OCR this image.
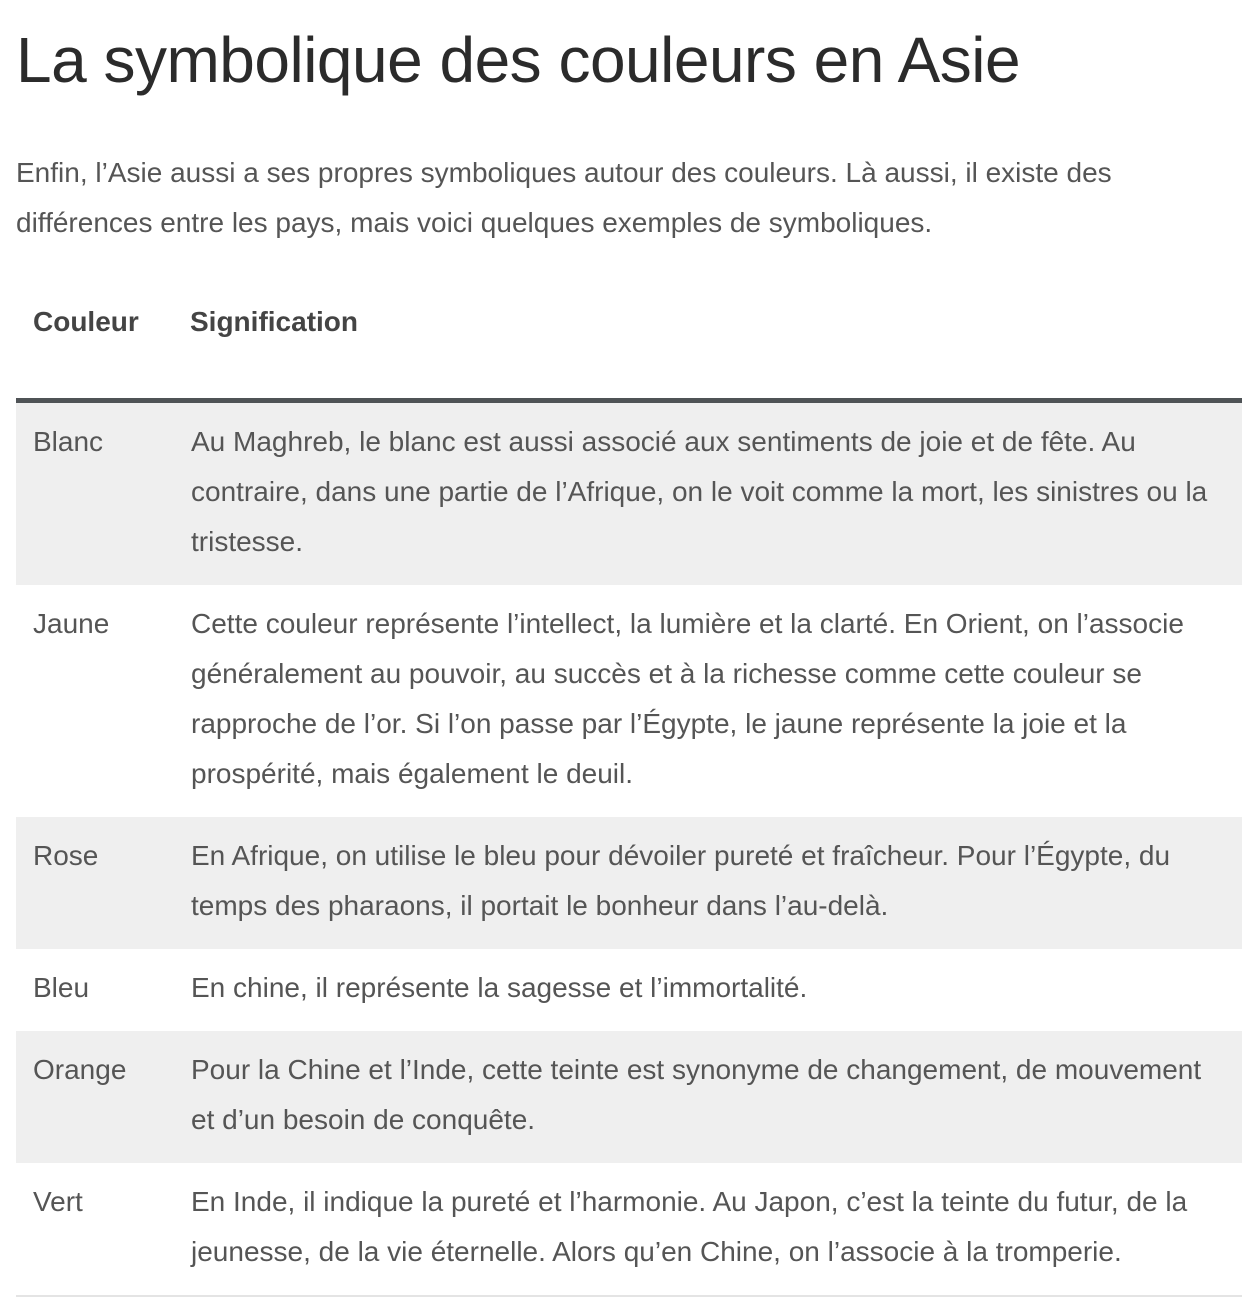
La symbolique des couleurs en Asie

Enfin, l’Asie aussi a ses propres symboliques autour des couleurs. Là aussi, il existe des
différences entre les pays, mais voici quelques exemples de symboliques.

Couleur	Signification
Blanc	Au Maghreb, le blanc est aussi associé aux sentiments de joie et de fête. Au contraire, dans une partie de l’Afrique, on le voit comme la mort, les sinistres ou la tristesse.
Jaune	Cette couleur représente l’intellect, la lumière et la clarté. En Orient, on l’associe généralement au pouvoir, au succès et à la richesse comme cette couleur se rapproche de l’or. Si l’on passe par l’Égypte, le jaune représente la joie et la prospérité, mais également le deuil.
Rose	En Afrique, on utilise le bleu pour dévoiler pureté et fraîcheur. Pour l’Égypte, du temps des pharaons, il portait le bonheur dans l’au-delà.
Bleu	En chine, il représente la sagesse et l’immortalité.
Orange	Pour la Chine et l’Inde, cette teinte est synonyme de changement, de mouvement et d’un besoin de conquête.
Vert	En Inde, il indique la pureté et l’harmonie. Au Japon, c’est la teinte du futur, de la jeunesse, de la vie éternelle. Alors qu’en Chine, on l’associe à la tromperie.
